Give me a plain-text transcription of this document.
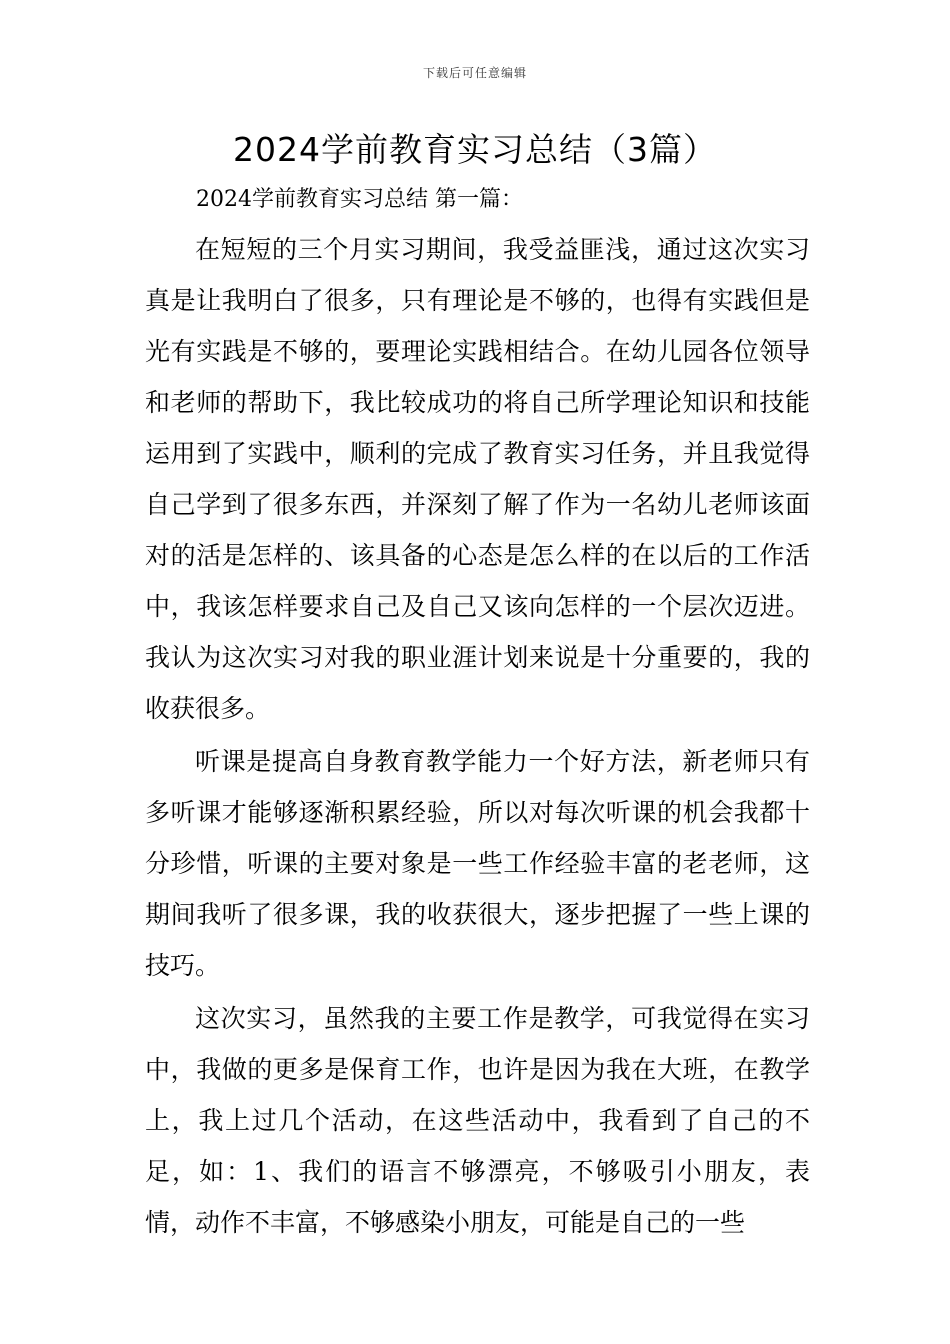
下载后可任意编辑
2024学前教育实习总结（3篇）

2024学前教育实习总结 第一篇：

在短短的三个月实习期间，我受益匪浅，通过这次实习真是让我明白了很多，只有理论是不够的，也得有实践但是光有实践是不够的，要理论实践相结合。在幼儿园各位领导和老师的帮助下，我比较成功的将自己所学理论知识和技能运用到了实践中，顺利的完成了教育实习任务，并且我觉得自己学到了很多东西，并深刻了解了作为一名幼儿老师该面对的活是怎样的、该具备的心态是怎么样的在以后的工作活中，我该怎样要求自己及自己又该向怎样的一个层次迈进。我认为这次实习对我的职业涯计划来说是十分重要的，我的收获很多。

听课是提高自身教育教学能力一个好方法，新老师只有多听课才能够逐渐积累经验，所以对每次听课的机会我都十分珍惜，听课的主要对象是一些工作经验丰富的老老师，这期间我听了很多课，我的收获很大，逐步把握了一些上课的技巧。

这次实习，虽然我的主要工作是教学，可我觉得在实习中，我做的更多是保育工作，也许是因为我在大班，在教学上，我上过几个活动，在这些活动中，我看到了自己的不足，如：1、我们的语言不够漂亮，不够吸引小朋友，表情，动作不丰富，不够感染小朋友，可能是自己的一些
